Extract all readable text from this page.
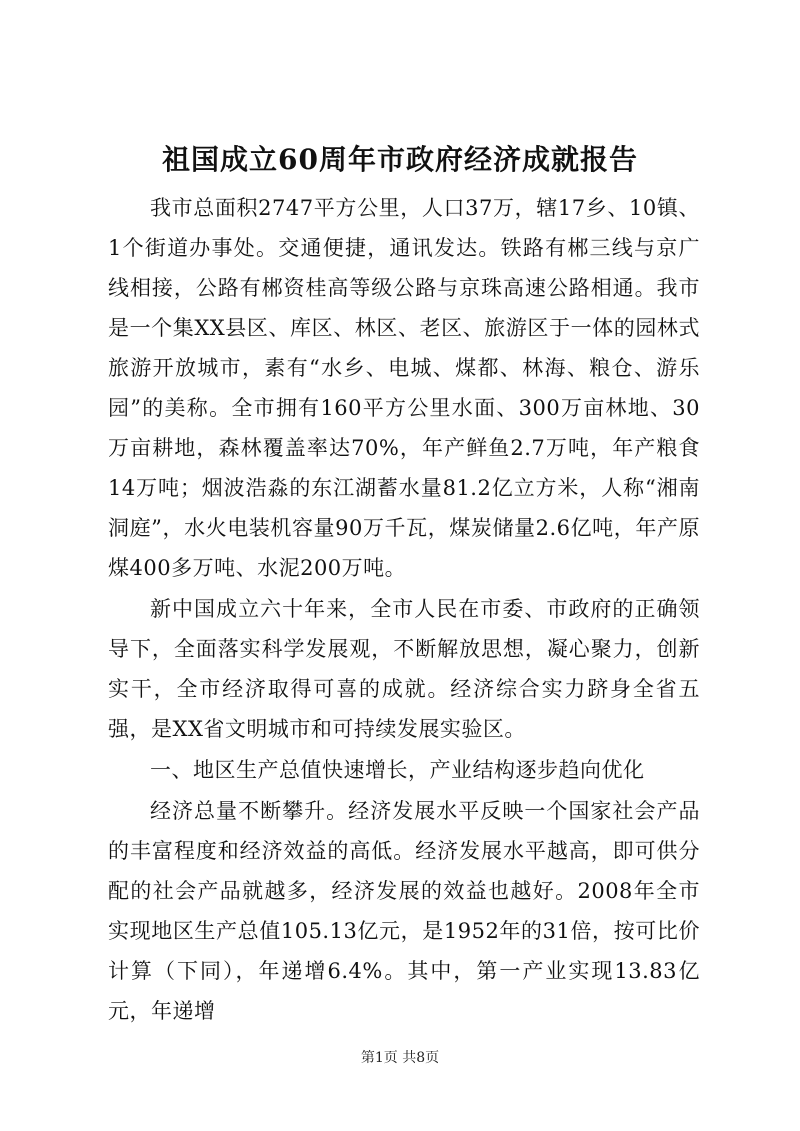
祖国成立60周年市政府经济成就报告

我市总面积2747平方公里，人口37万，辖17乡、10镇、1个街道办事处。交通便捷，通讯发达。铁路有郴三线与京广线相接，公路有郴资桂高等级公路与京珠高速公路相通。我市是一个集XX县区、库区、林区、老区、旅游区于一体的园林式旅游开放城市，素有“水乡、电城、煤都、林海、粮仓、游乐园”的美称。全市拥有160平方公里水面、300万亩林地、30万亩耕地，森林覆盖率达70%，年产鲜鱼2.7万吨，年产粮食14万吨；烟波浩淼的东江湖蓄水量81.2亿立方米，人称“湘南洞庭”，水火电装机容量90万千瓦，煤炭储量2.6亿吨，年产原煤400多万吨、水泥200万吨。

新中国成立六十年来，全市人民在市委、市政府的正确领导下，全面落实科学发展观，不断解放思想，凝心聚力，创新实干，全市经济取得可喜的成就。经济综合实力跻身全省五强，是XX省文明城市和可持续发展实验区。

一、地区生产总值快速增长，产业结构逐步趋向优化

经济总量不断攀升。经济发展水平反映一个国家社会产品的丰富程度和经济效益的高低。经济发展水平越高，即可供分配的社会产品就越多，经济发展的效益也越好。2008年全市实现地区生产总值105.13亿元，是1952年的31倍，按可比价计算（下同），年递增6.4%。其中，第一产业实现13.83亿元，年递增

第1页 共8页
